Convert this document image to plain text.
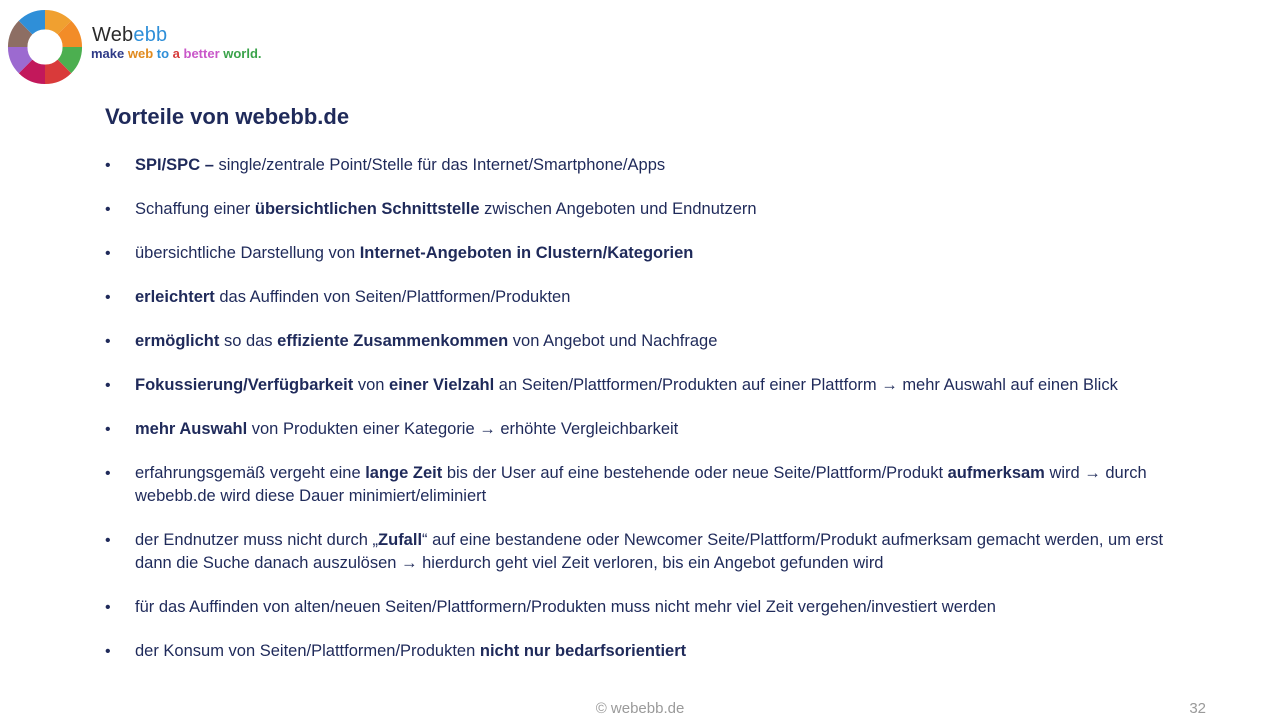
Webebb
make web to a better world.
Vorteile von webebb.de
• SPI/SPC – single/zentrale Point/Stelle für das Internet/Smartphone/Apps
• Schaffung einer übersichtlichen Schnittstelle zwischen Angeboten und Endnutzern
• übersichtliche Darstellung von Internet-Angeboten in Clustern/Kategorien
• erleichtert das Auffinden von Seiten/Plattformen/Produkten
• ermöglicht so das effiziente Zusammenkommen von Angebot und Nachfrage
• Fokussierung/Verfügbarkeit von einer Vielzahl an Seiten/Plattformen/Produkten auf einer Plattform → mehr Auswahl auf einen Blick
• mehr Auswahl von Produkten einer Kategorie → erhöhte Vergleichbarkeit
• erfahrungsgemäß vergeht eine lange Zeit bis der User auf eine bestehende oder neue Seite/Plattform/Produkt aufmerksam wird → durch webebb.de wird diese Dauer minimiert/eliminiert
• der Endnutzer muss nicht durch „Zufall“ auf eine bestandene oder Newcomer Seite/Plattform/Produkt aufmerksam gemacht werden, um erst dann die Suche danach auszulösen → hierdurch geht viel Zeit verloren, bis ein Angebot gefunden wird
• für das Auffinden von alten/neuen Seiten/Plattformern/Produkten muss nicht mehr viel Zeit vergehen/investiert werden
• der Konsum von Seiten/Plattformen/Produkten nicht nur bedarfsorientiert
© webebb.de	32
